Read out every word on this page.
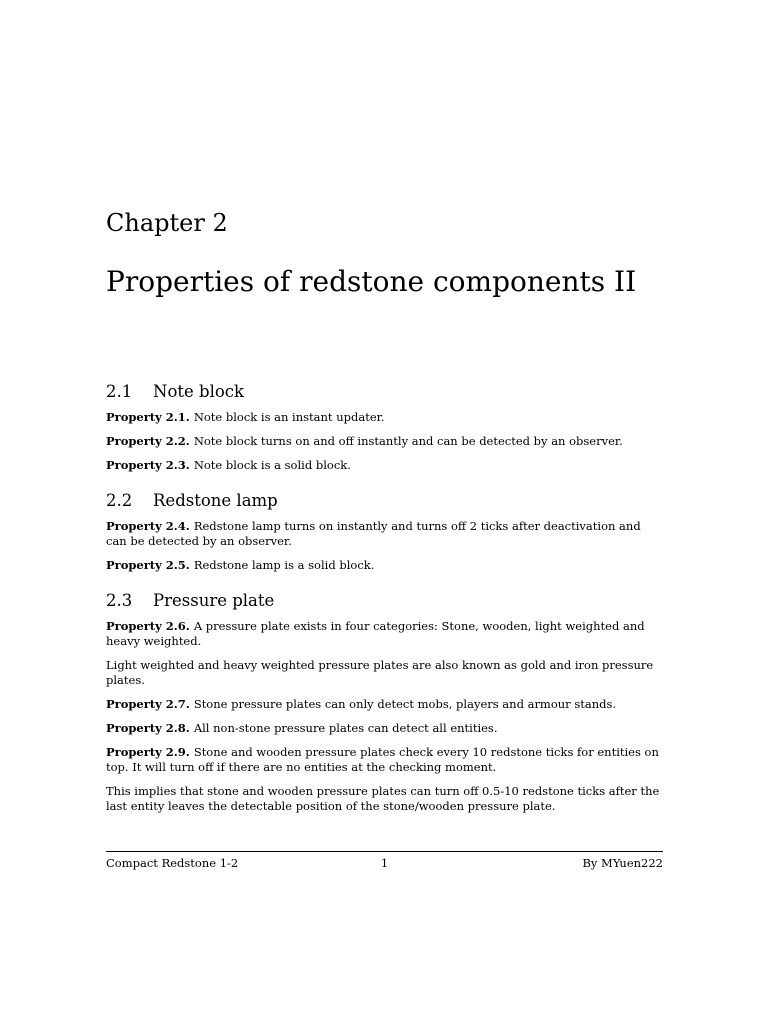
Chapter 2
Properties of redstone components II
2.1 Note block

Property 2.1. Note block is an instant updater.

Property 2.2. Note block turns on and off instantly and can be detected by an observer.

Property 2.3. Note block is a solid block.

2.2 Redstone lamp

Property 2.4. Redstone lamp turns on instantly and turns off 2 ticks after deactivation and can be detected by an observer.

Property 2.5. Redstone lamp is a solid block.

2.3 Pressure plate

Property 2.6. A pressure plate exists in four categories: Stone, wooden, light weighted and heavy weighted.

Light weighted and heavy weighted pressure plates are also known as gold and iron pressure plates.

Property 2.7. Stone pressure plates can only detect mobs, players and armour stands.

Property 2.8. All non-stone pressure plates can detect all entities.

Property 2.9. Stone and wooden pressure plates check every 10 redstone ticks for entities on top. It will turn off if there are no entities at the checking moment.

This implies that stone and wooden pressure plates can turn off 0.5-10 redstone ticks after the last entity leaves the detectable position of the stone/wooden pressure plate.

Compact Redstone 1-2	1	By MYuen222
